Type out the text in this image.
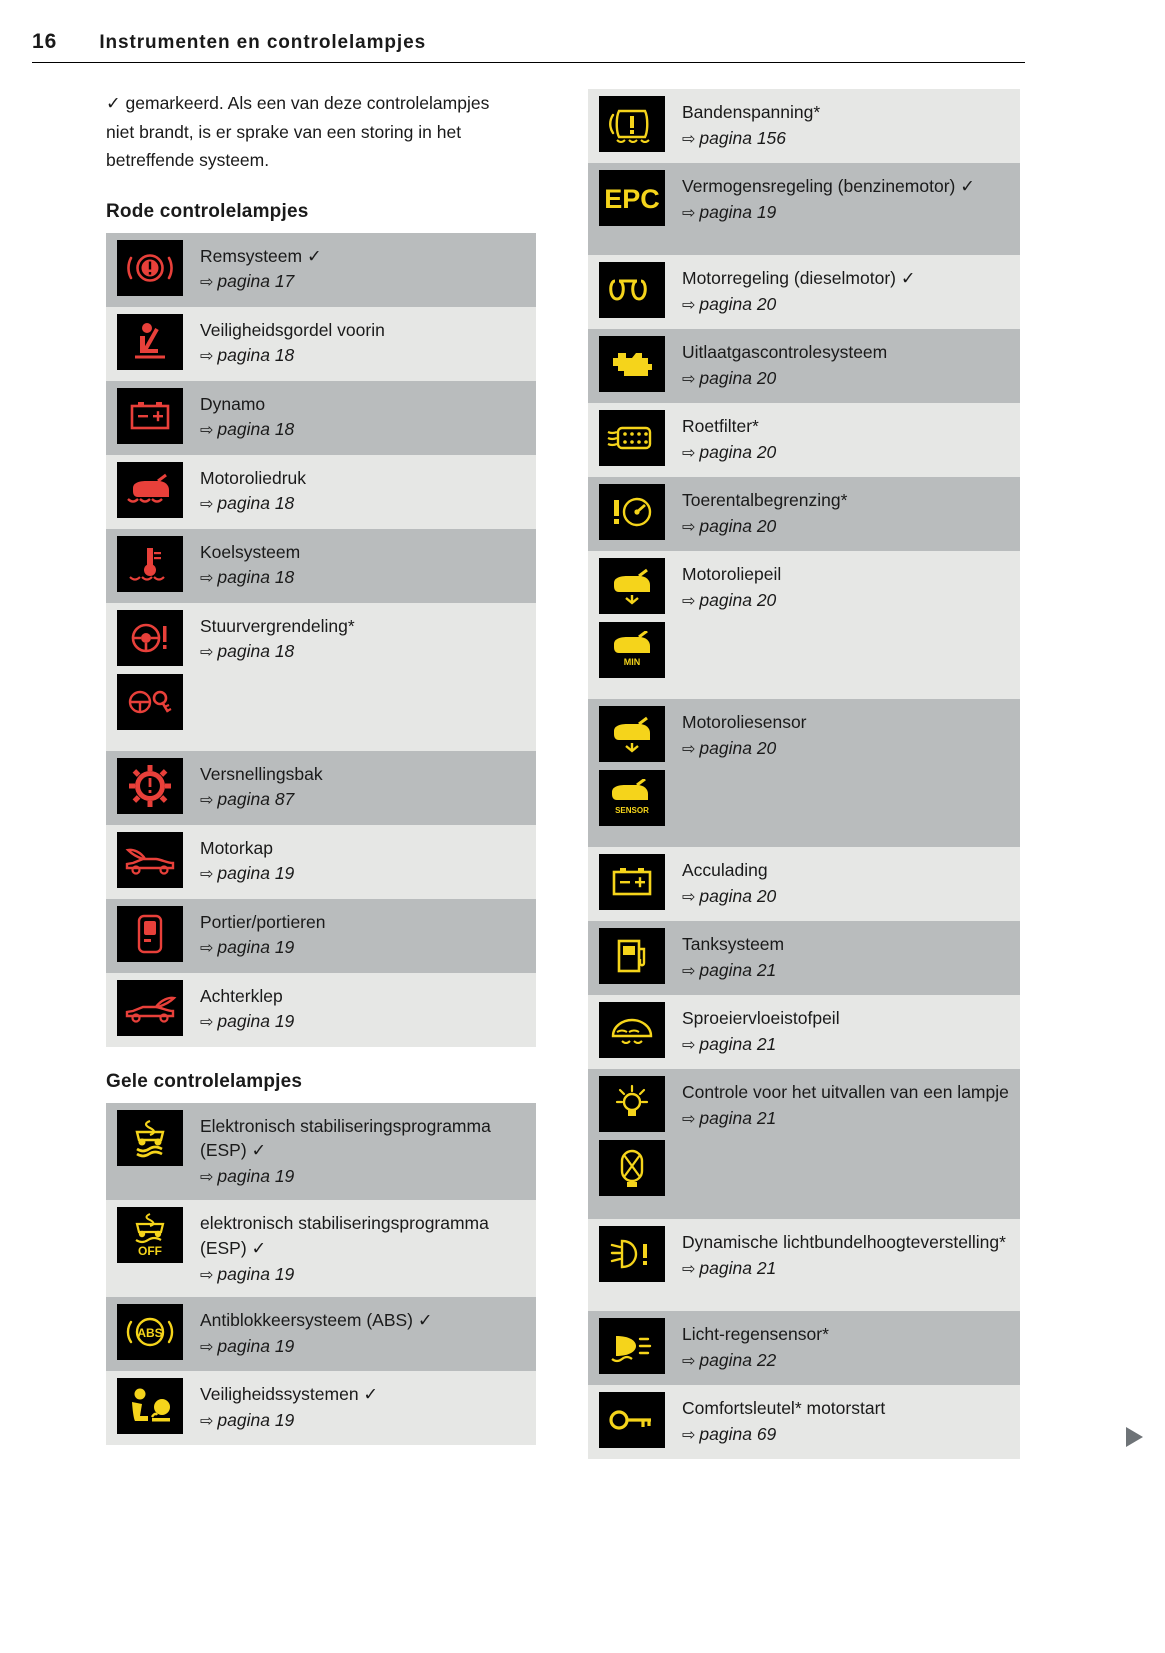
16 Instrumenten en controlelampjes

✓ gemarkeerd. Als een van deze controlelampjes niet brandt, is er sprake van een storing in het betreffende systeem.

Rode controlelampjes
Remsysteem ✓
⇨ pagina 17
Veiligheidsgordel voorin
⇨ pagina 18
Dynamo
⇨ pagina 18
Motoroliedruk
⇨ pagina 18
Koelsysteem
⇨ pagina 18
Stuurvergrendeling*
⇨ pagina 18
Versnellingsbak
⇨ pagina 87
Motorkap
⇨ pagina 19
Portier/portieren
⇨ pagina 19
Achterklep
⇨ pagina 19
Gele controlelampjes
Elektronisch stabiliseringsprogramma (ESP) ✓
⇨ pagina 19
OFF
elektronisch stabiliseringsprogramma (ESP) ✓
⇨ pagina 19
ABS
Antiblokkeersysteem (ABS) ✓
⇨ pagina 19
Veiligheidssystemen ✓
⇨ pagina 19
Bandenspanning*
⇨ pagina 156
EPC Vermogensregeling (benzinemotor) ✓
⇨ pagina 19
Motorregeling (dieselmotor) ✓
⇨ pagina 20
Uitlaatgascontrolesysteem
⇨ pagina 20
Roetfilter*
⇨ pagina 20
Toerentalbegrenzing*
⇨ pagina 20
MIN
Motoroliepeil
⇨ pagina 20
SENSOR
Motoroliesensor
⇨ pagina 20
Acculading
⇨ pagina 20
Tanksysteem
⇨ pagina 21
Sproeiervloeistofpeil
⇨ pagina 21
Controle voor het uitvallen van een lampje
⇨ pagina 21
Dynamische lichtbundelhoogteverstelling*
⇨ pagina 21
Licht-regensensor*
⇨ pagina 22
Comfortsleutel* motorstart
⇨ pagina 69
